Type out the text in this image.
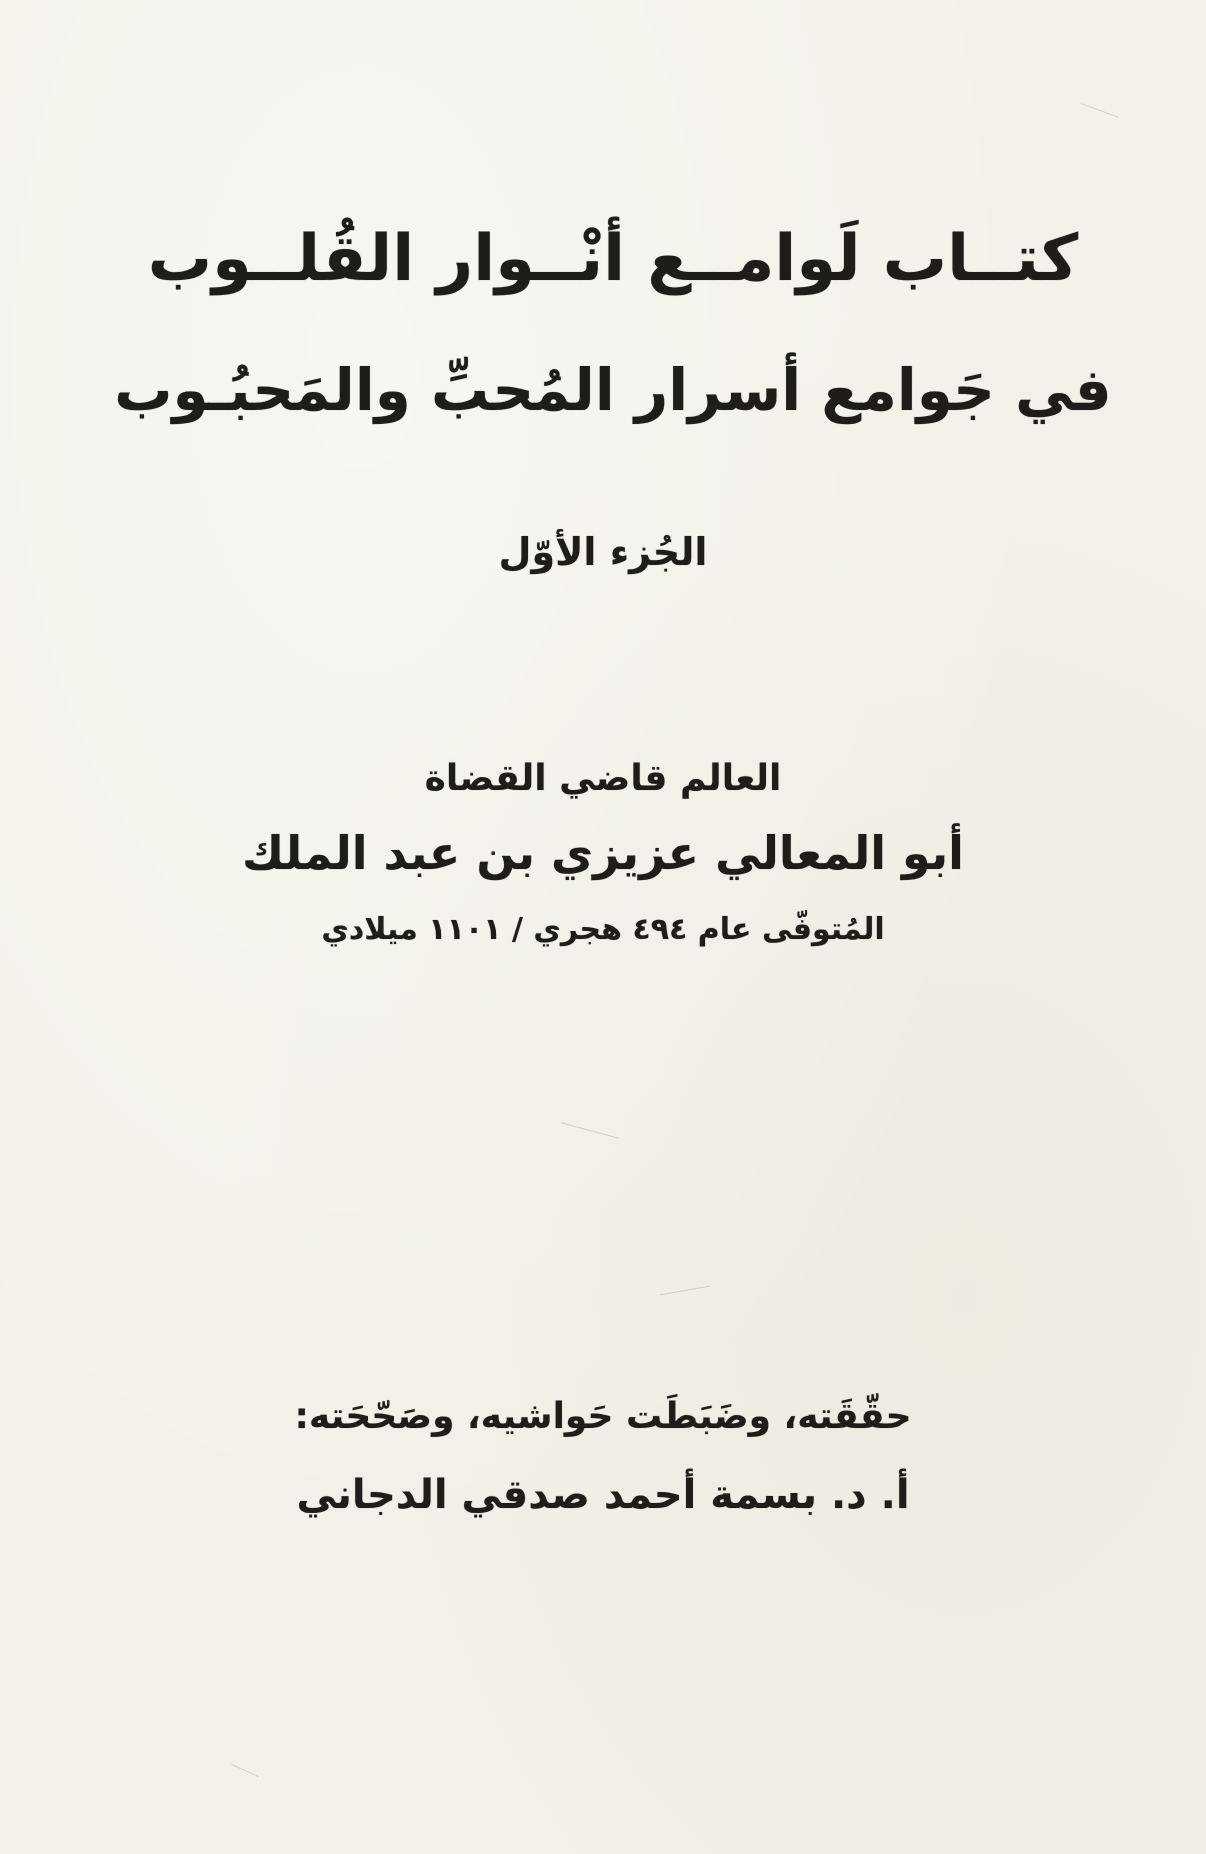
كتــاب لَوامــع أنْــوار القُلــوب
في جَوامع أسرار المُحبِّ والمَحبُـوب
الجُزء الأوّل
العالم قاضي القضاة
أبو المعالي عزيزي بن عبد الملك
المُتوفّى عام ٤٩٤ هجري / ١١٠١ ميلادي
حقّقَته، وضَبَطَت حَواشيه، وصَحّحَته:
أ. د. بسمة أحمد صدقي الدجاني
